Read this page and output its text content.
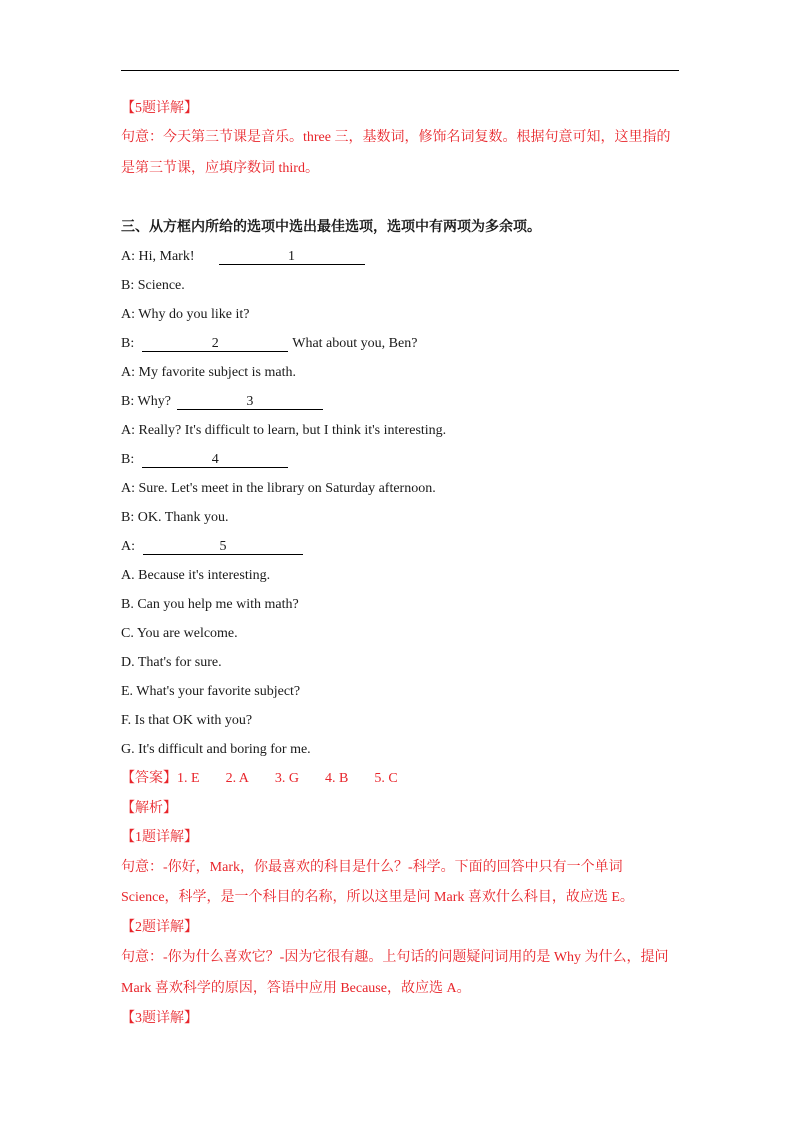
【5题详解】
句意：今天第三节课是音乐。three 三，基数词，修饰名词复数。根据句意可知，这里指的
是第三节课，应填序数词 third。
三、从方框内所给的选项中选出最佳选项，选项中有两项为多余项。
A: Hi, Mark!	1
B: Science.
A: Why do you like it?
B:	2	What about you, Ben?
A: My favorite subject is math.
B: Why?	3
A: Really? It's difficult to learn, but I think it's interesting.
B:	4
A: Sure. Let's meet in the library on Saturday afternoon.
B: OK. Thank you.
A:	5
A. Because it's interesting.
B. Can you help me with math?
C. You are welcome.
D. That's for sure.
E. What's your favorite subject?
F. Is that OK with you?
G. It's difficult and boring for me.
【答案】1. E 2. A 3. G 4. B 5. C
【解析】
【1题详解】
句意：-你好，Mark，你最喜欢的科目是什么？-科学。下面的回答中只有一个单词
Science，科学，是一个科目的名称，所以这里是问 Mark 喜欢什么科目，故应选 E。
【2题详解】
句意：-你为什么喜欢它？-因为它很有趣。上句话的问题疑问词用的是 Why 为什么，提问
Mark 喜欢科学的原因，答语中应用 Because，故应选 A。
【3题详解】
